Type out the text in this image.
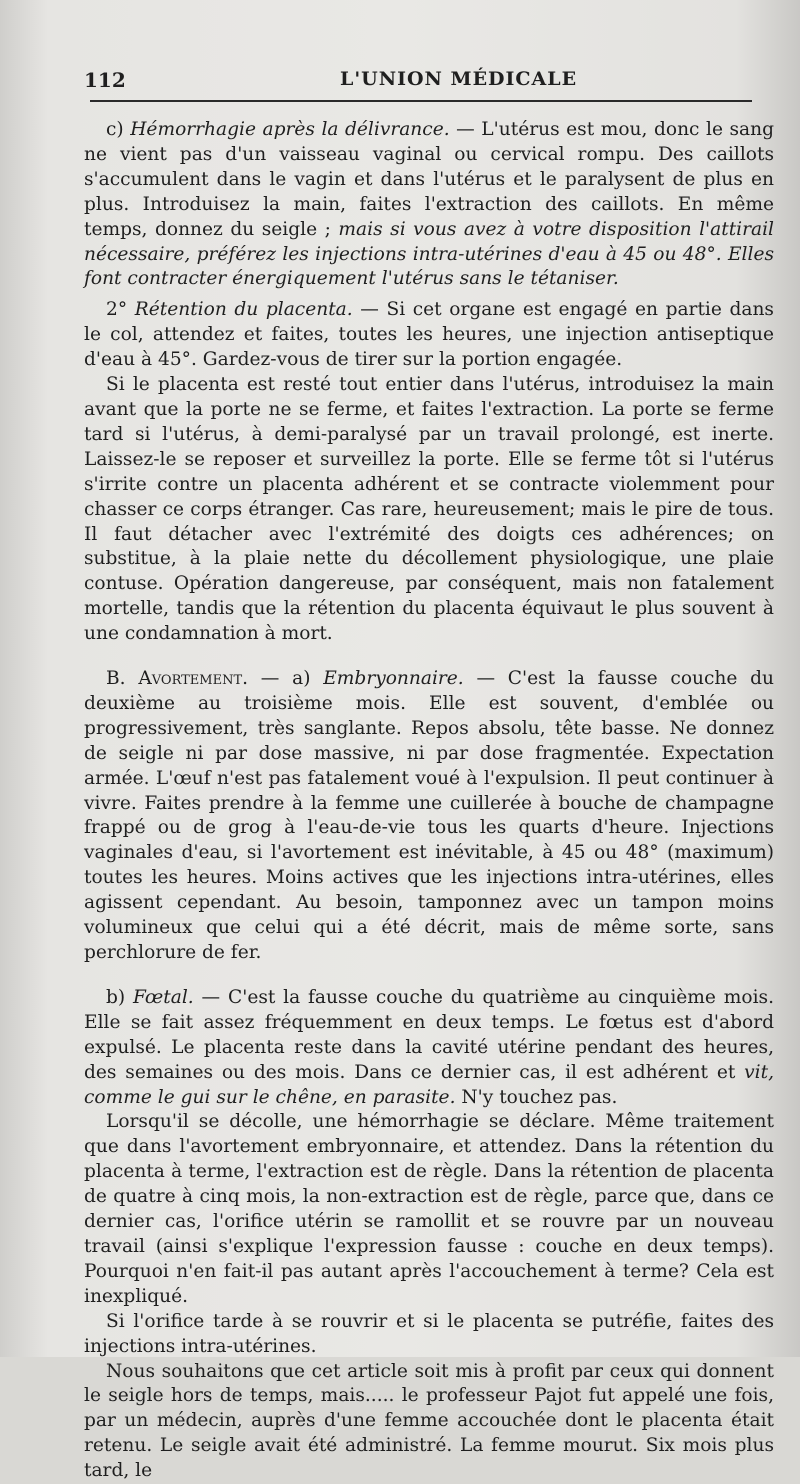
112	L'UNION MÉDICALE

c) Hémorrhagie après la délivrance. — L'utérus est mou, donc le sang ne vient pas d'un vaisseau vaginal ou cervical rompu. Des caillots s'accumulent dans le vagin et dans l'utérus et le paralysent de plus en plus. Introduisez la main, faites l'extraction des caillots. En même temps, donnez du seigle ; mais si vous avez à votre disposition l'attirail nécessaire, préférez les injections intra-utérines d'eau à 45 ou 48°. Elles font contracter énergiquement l'utérus sans le tétaniser.

2° Rétention du placenta. — Si cet organe est engagé en partie dans le col, attendez et faites, toutes les heures, une injection antiseptique d'eau à 45°. Gardez-vous de tirer sur la portion engagée.

Si le placenta est resté tout entier dans l'utérus, introduisez la main avant que la porte ne se ferme, et faites l'extraction. La porte se ferme tard si l'utérus, à demi-paralysé par un travail prolongé, est inerte. Laissez-le se reposer et surveillez la porte. Elle se ferme tôt si l'utérus s'irrite contre un placenta adhérent et se contracte violemment pour chasser ce corps étranger. Cas rare, heureusement; mais le pire de tous. Il faut détacher avec l'extrémité des doigts ces adhérences; on substitue, à la plaie nette du décollement physiologique, une plaie contuse. Opération dangereuse, par conséquent, mais non fatalement mortelle, tandis que la rétention du placenta équivaut le plus souvent à une condamnation à mort.

B. Avortement. — a) Embryonnaire. — C'est la fausse couche du deuxième au troisième mois. Elle est souvent, d'emblée ou progressivement, très sanglante. Repos absolu, tête basse. Ne donnez de seigle ni par dose massive, ni par dose fragmentée. Expectation armée. L'œuf n'est pas fatalement voué à l'expulsion. Il peut continuer à vivre. Faites prendre à la femme une cuillerée à bouche de champagne frappé ou de grog à l'eau-de-vie tous les quarts d'heure. Injections vaginales d'eau, si l'avortement est inévitable, à 45 ou 48° (maximum) toutes les heures. Moins actives que les injections intra-utérines, elles agissent cependant. Au besoin, tamponnez avec un tampon moins volumineux que celui qui a été décrit, mais de même sorte, sans perchlorure de fer.

b) Fœtal. — C'est la fausse couche du quatrième au cinquième mois. Elle se fait assez fréquemment en deux temps. Le fœtus est d'abord expulsé. Le placenta reste dans la cavité utérine pendant des heures, des semaines ou des mois. Dans ce dernier cas, il est adhérent et vit, comme le gui sur le chêne, en parasite. N'y touchez pas.

Lorsqu'il se décolle, une hémorrhagie se déclare. Même traitement que dans l'avortement embryonnaire, et attendez. Dans la rétention du placenta à terme, l'extraction est de règle. Dans la rétention de placenta de quatre à cinq mois, la non-extraction est de règle, parce que, dans ce dernier cas, l'orifice utérin se ramollit et se rouvre par un nouveau travail (ainsi s'explique l'expression fausse : couche en deux temps). Pourquoi n'en fait-il pas autant après l'accouchement à terme? Cela est inexpliqué.

Si l'orifice tarde à se rouvrir et si le placenta se putréfie, faites des injections intra-utérines.

Nous souhaitons que cet article soit mis à profit par ceux qui donnent le seigle hors de temps, mais..... le professeur Pajot fut appelé une fois, par un médecin, auprès d'une femme accouchée dont le placenta était retenu. Le seigle avait été administré. La femme mourut. Six mois plus tard, le
